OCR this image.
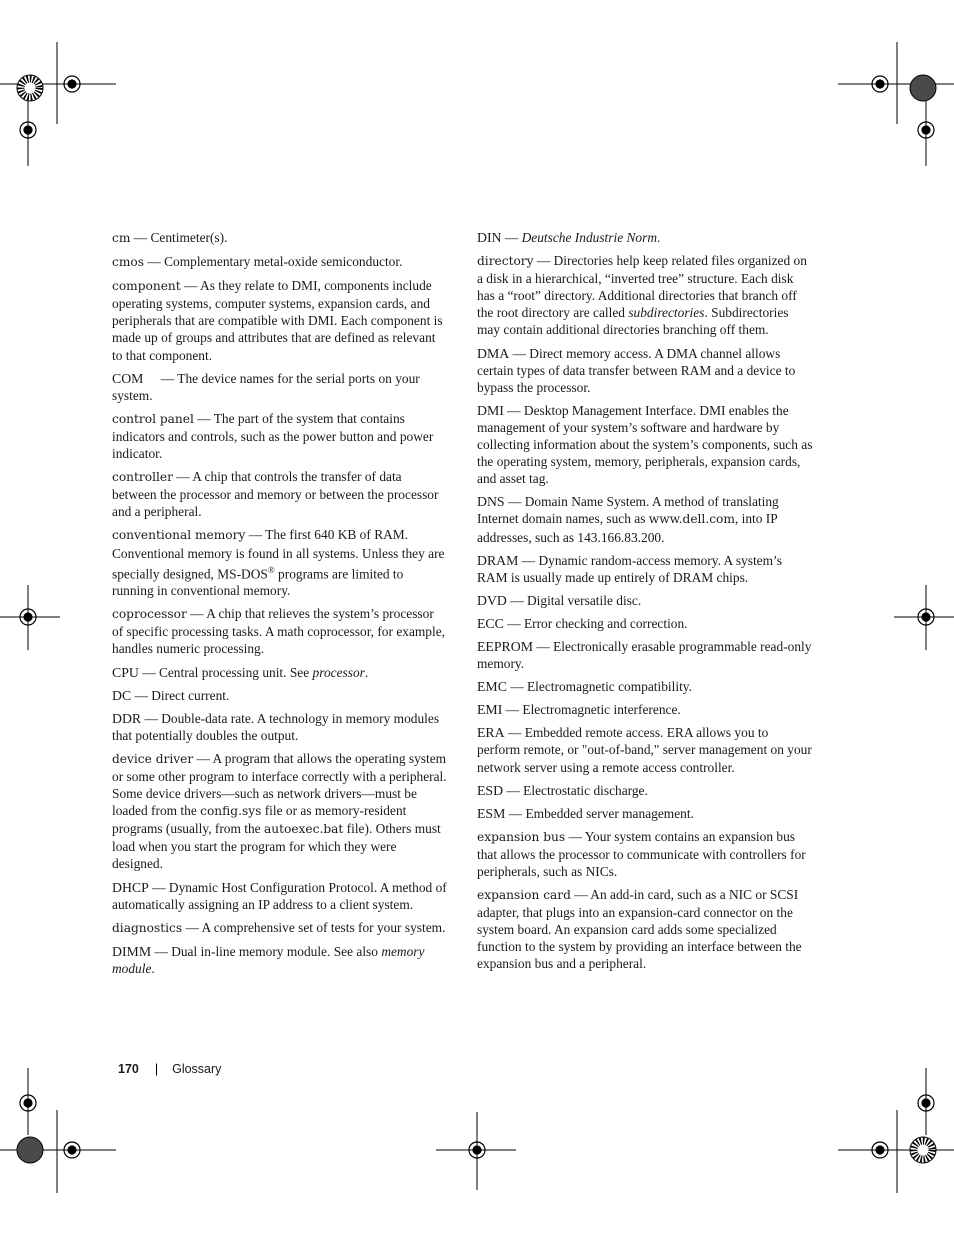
cm — Centimeter(s).

cmos — Complementary metal-oxide semiconductor.

component — As they relate to DMI, components include operating systems, computer systems, expansion cards, and peripherals that are compatible with DMI. Each component is made up of groups and attributes that are defined as relevant to that component.

COM — The device names for the serial ports on your system.

control panel — The part of the system that contains indicators and controls, such as the power button and power indicator.

controller — A chip that controls the transfer of data between the processor and memory or between the processor and a peripheral.

conventional memory — The first 640 KB of RAM. Conventional memory is found in all systems. Unless they are specially designed, MS-DOS® programs are limited to running in conventional memory.

coprocessor — A chip that relieves the system’s processor of specific processing tasks. A math coprocessor, for example, handles numeric processing.

CPU — Central processing unit. See processor.

DC — Direct current.

DDR — Double-data rate. A technology in memory modules that potentially doubles the output.

device driver — A program that allows the operating system or some other program to interface correctly with a peripheral. Some device drivers—such as network drivers—must be loaded from the config.sys file or as memory-resident programs (usually, from the autoexec.bat file). Others must load when you start the program for which they were designed.

DHCP — Dynamic Host Configuration Protocol. A method of automatically assigning an IP address to a client system.

diagnostics — A comprehensive set of tests for your system.

DIMM — Dual in-line memory module. See also memory module.

DIN — Deutsche Industrie Norm.

directory — Directories help keep related files organized on a disk in a hierarchical, “inverted tree” structure. Each disk has a “root” directory. Additional directories that branch off the root directory are called subdirectories. Subdirectories may contain additional directories branching off them.

DMA — Direct memory access. A DMA channel allows certain types of data transfer between RAM and a device to bypass the processor.

DMI — Desktop Management Interface. DMI enables the management of your system’s software and hardware by collecting information about the system’s components, such as the operating system, memory, peripherals, expansion cards, and asset tag.

DNS — Domain Name System. A method of translating Internet domain names, such as www.dell.com, into IP addresses, such as 143.166.83.200.

DRAM — Dynamic random-access memory. A system’s RAM is usually made up entirely of DRAM chips.

DVD — Digital versatile disc.

ECC — Error checking and correction.

EEPROM — Electronically erasable programmable read-only memory.

EMC — Electromagnetic compatibility.

EMI — Electromagnetic interference.

ERA — Embedded remote access. ERA allows you to perform remote, or "out-of-band," server management on your network server using a remote access controller.

ESD — Electrostatic discharge.

ESM — Embedded server management.

expansion bus — Your system contains an expansion bus that allows the processor to communicate with controllers for peripherals, such as NICs.

expansion card — An add-in card, such as a NIC or SCSI adapter, that plugs into an expansion-card connector on the system board. An expansion card adds some specialized function to the system by providing an interface between the expansion bus and a peripheral.

170 | Glossary
